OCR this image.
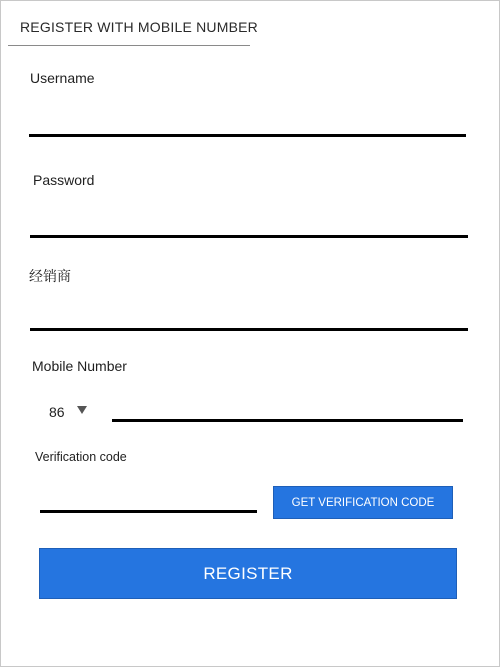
REGISTER WITH MOBILE NUMBER
Username
Password
经销商
Mobile Number
86
Verification code
GET VERIFICATION CODE
REGISTER
